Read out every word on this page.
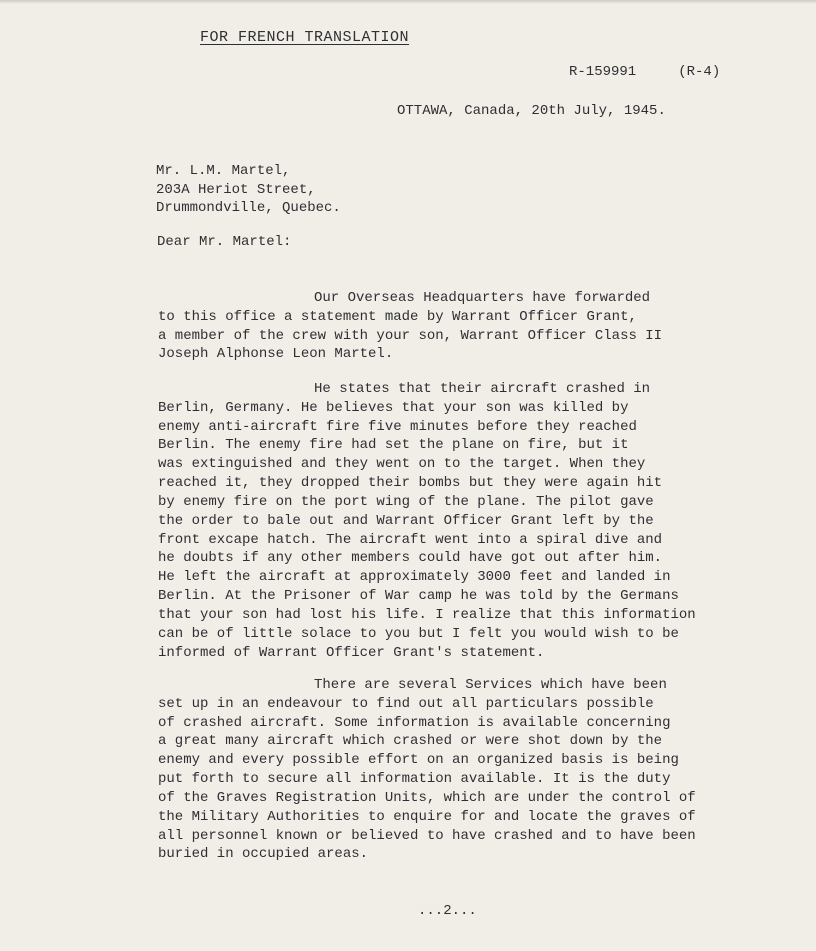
FOR FRENCH TRANSLATION
R-159991     (R-4)
OTTAWA, Canada, 20th July, 1945.
Mr. L.M. Martel,
203A Heriot Street,
Drummondville, Quebec.
Dear Mr. Martel:

Our Overseas Headquarters have forwarded
to this office a statement made by Warrant Officer Grant,
a member of the crew with your son, Warrant Officer Class II
Joseph Alphonse Leon Martel.

He states that their aircraft crashed in
Berlin, Germany. He believes that your son was killed by
enemy anti-aircraft fire five minutes before they reached
Berlin. The enemy fire had set the plane on fire, but it
was extinguished and they went on to the target. When they
reached it, they dropped their bombs but they were again hit
by enemy fire on the port wing of the plane. The pilot gave
the order to bale out and Warrant Officer Grant left by the
front excape hatch. The aircraft went into a spiral dive and
he doubts if any other members could have got out after him.
He left the aircraft at approximately 3000 feet and landed in
Berlin. At the Prisoner of War camp he was told by the Germans
that your son had lost his life. I realize that this information
can be of little solace to you but I felt you would wish to be
informed of Warrant Officer Grant's statement.

There are several Services which have been
set up in an endeavour to find out all particulars possible
of crashed aircraft. Some information is available concerning
a great many aircraft which crashed or were shot down by the
enemy and every possible effort on an organized basis is being
put forth to secure all information available. It is the duty
of the Graves Registration Units, which are under the control of
the Military Authorities to enquire for and locate the graves of
all personnel known or believed to have crashed and to have been
buried in occupied areas.

...2...
